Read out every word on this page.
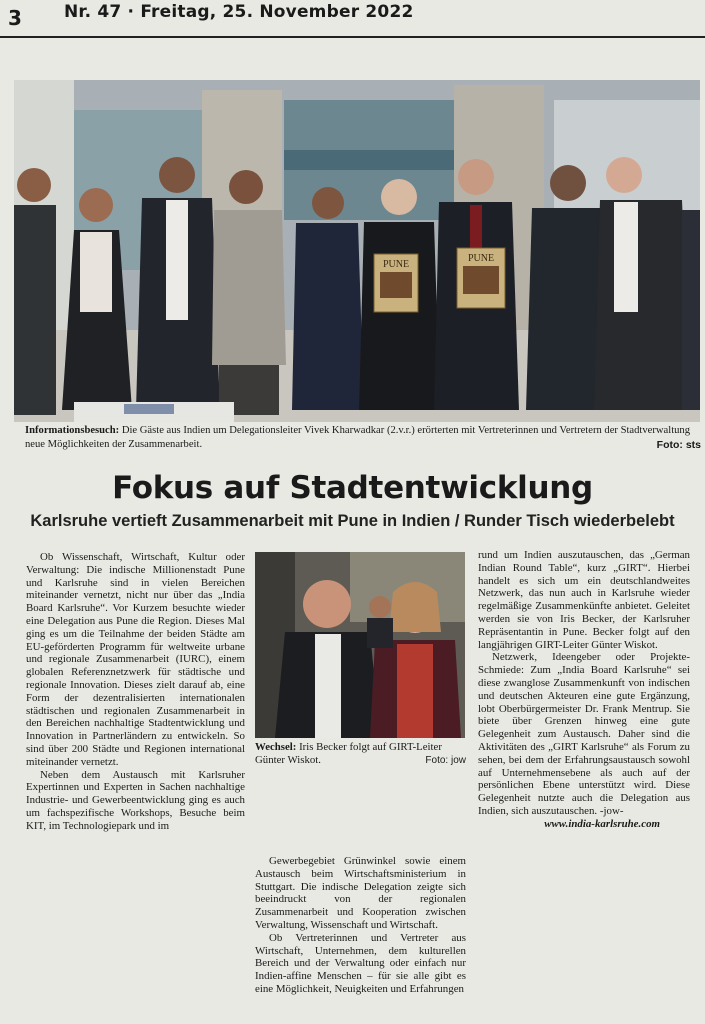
3 Nr. 47 · Freitag, 25. November 2022
PUNE
PUNE
Informationsbesuch: Die Gäste aus Indien um Delegationsleiter Vivek Kharwadkar (2.v.r.) erörterten mit Vertreterinnen und Vertretern der Stadtverwaltung neue Möglichkeiten der Zusammenarbeit.	Foto: sts
Fokus auf Stadtentwicklung
Karlsruhe vertieft Zusammenarbeit mit Pune in Indien / Runder Tisch wiederbelebt

Ob Wissenschaft, Wirtschaft, Kultur oder Verwaltung: Die indische Millionenstadt Pune und Karlsruhe sind in vielen Bereichen miteinander vernetzt, nicht nur über das „India Board Karlsruhe“. Vor Kurzem besuchte wieder eine Delegation aus Pune die Region. Dieses Mal ging es um die Teilnahme der beiden Städte am EU-geförderten Programm für weltweite urbane und regionale Zusammenarbeit (IURC), einem globalen Referenznetzwerk für städtische und regionale Innovation. Dieses zielt darauf ab, eine Form der dezentralisierten internationalen städtischen und regionalen Zusammenarbeit in den Bereichen nachhaltige Stadtentwicklung und Innovation in Partnerländern zu entwickeln. So sind über 200 Städte und Regionen international miteinander vernetzt.

Neben dem Austausch mit Karlsruher Expertinnen und Experten in Sachen nachhaltige Industrie- und Gewerbeentwicklung ging es auch um fachspezifische Workshops, Besuche beim KIT, im Technologiepark und im

Wechsel: Iris Becker folgt auf GIRT-Leiter Günter Wiskot.	Foto: jow

Gewerbegebiet Grünwinkel sowie einem Austausch beim Wirtschaftsministerium in Stuttgart. Die indische Delegation zeigte sich beeindruckt von der regionalen Zusammenarbeit und Kooperation zwischen Verwaltung, Wissenschaft und Wirtschaft.

Ob Vertreterinnen und Vertreter aus Wirtschaft, Unternehmen, dem kulturellen Bereich und der Verwaltung oder einfach nur Indien-affine Menschen – für sie alle gibt es eine Möglichkeit, Neuigkeiten und Erfahrungen

rund um Indien auszutauschen, das „German Indian Round Table“, kurz „GIRT“. Hierbei handelt es sich um ein deutschlandweites Netzwerk, das nun auch in Karlsruhe wieder regelmäßige Zusammenkünfte anbietet. Geleitet werden sie von Iris Becker, der Karlsruher Repräsentantin in Pune. Becker folgt auf den langjährigen GIRT-Leiter Günter Wiskot.

Netzwerk, Ideengeber oder Projekte-Schmiede: Zum „India Board Karlsruhe“ sei diese zwanglose Zusammenkunft von indischen und deutschen Akteuren eine gute Ergänzung, lobt Oberbürgermeister Dr. Frank Mentrup. Sie biete über Grenzen hinweg eine gute Gelegenheit zum Austausch. Daher sind die Aktivitäten des „GIRT Karlsruhe“ als Forum zu sehen, bei dem der Erfahrungsaustausch sowohl auf Unternehmensebene als auch auf der persönlichen Ebene unterstützt wird. Diese Gelegenheit nutzte auch die Delegation aus Indien, sich auszutauschen. -jow-

www.india-karlsruhe.com
